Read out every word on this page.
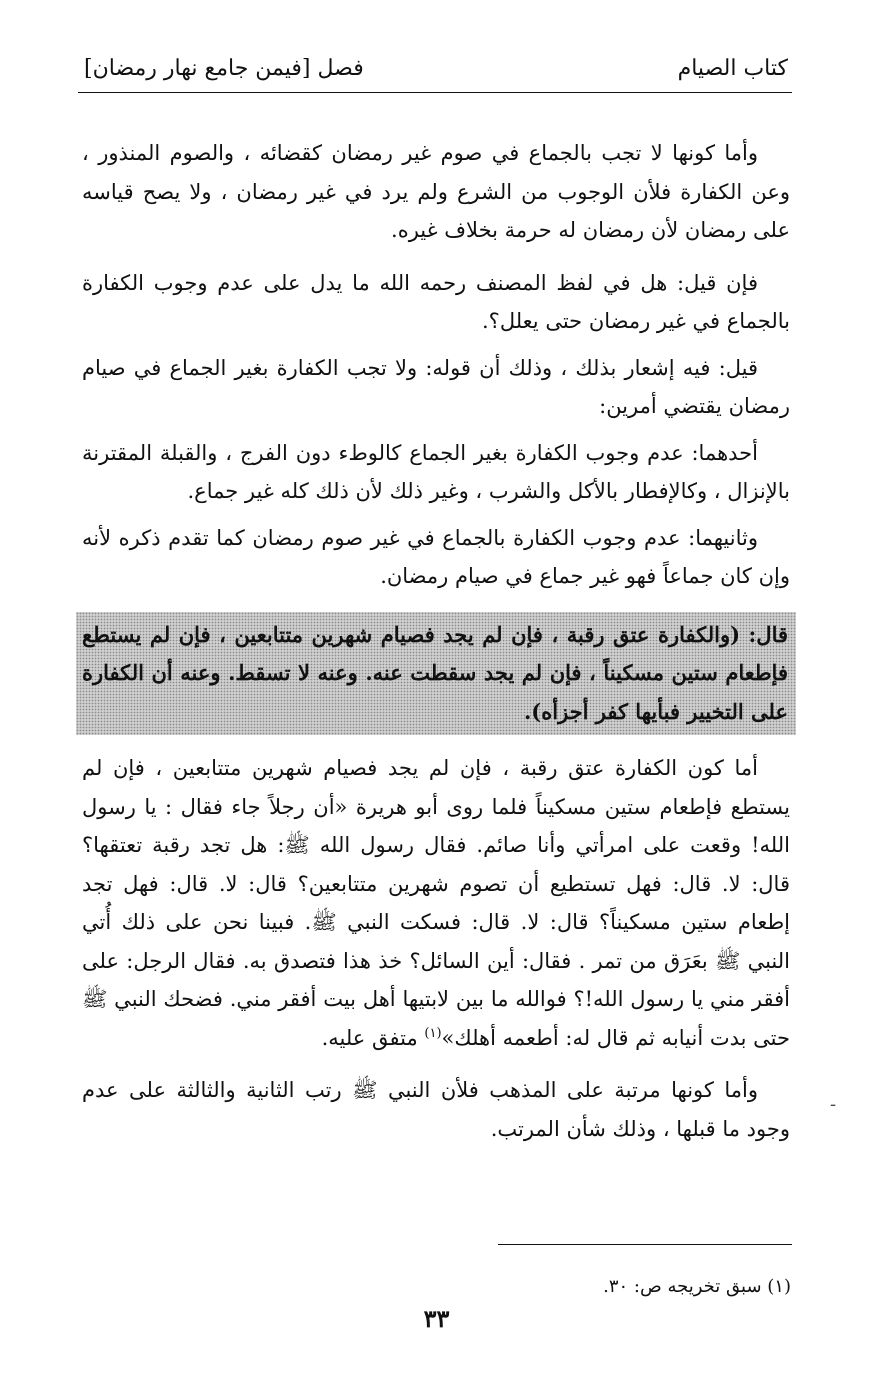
كتاب الصيام
فصل [فيمن جامع نهار رمضان]

وأما كونها لا تجب بالجماع في صوم غير رمضان كقضائه ، والصوم المنذور ، وعن الكفارة فلأن الوجوب من الشرع ولم يرد في غير رمضان ، ولا يصح قياسه على رمضان لأن رمضان له حرمة بخلاف غيره.

فإن قيل: هل في لفظ المصنف رحمه الله ما يدل على عدم وجوب الكفارة بالجماع في غير رمضان حتى يعلل؟.

قيل: فيه إشعار بذلك ، وذلك أن قوله: ولا تجب الكفارة بغير الجماع في صيام رمضان يقتضي أمرين:

أحدهما: عدم وجوب الكفارة بغير الجماع كالوطء دون الفرج ، والقبلة المقترنة بالإنزال ، وكالإفطار بالأكل والشرب ، وغير ذلك لأن ذلك كله غير جماع.

وثانيهما: عدم وجوب الكفارة بالجماع في غير صوم رمضان كما تقدم ذكره لأنه وإن كان جماعاً فهو غير جماع في صيام رمضان.

قال: (والكفارة عتق رقبة ، فإن لم يجد فصيام شهرين متتابعين ، فإن لم يستطع فإطعام ستين مسكيناً ، فإن لم يجد سقطت عنه. وعنه لا تسقط. وعنه أن الكفارة على التخيير فبأيها كفر أجزأه).

أما كون الكفارة عتق رقبة ، فإن لم يجد فصيام شهرين متتابعين ، فإن لم يستطع فإطعام ستين مسكيناً فلما روى أبو هريرة «أن رجلاً جاء فقال : يا رسول الله! وقعت على امرأتي وأنا صائم. فقال رسول الله ﷺ: هل تجد رقبة تعتقها؟ قال: لا. قال: فهل تستطيع أن تصوم شهرين متتابعين؟ قال: لا. قال: فهل تجد إطعام ستين مسكيناً؟ قال: لا. قال: فسكت النبي ﷺ. فبينا نحن على ذلك أُتي النبي ﷺ بعَرَق من تمر . فقال: أين السائل؟ خذ هذا فتصدق به. فقال الرجل: على أفقر مني يا رسول الله!؟ فوالله ما بين لابتيها أهل بيت أفقر مني. فضحك النبي ﷺ حتى بدت أنيابه ثم قال له: أطعمه أهلك»$^{(١)}$ متفق عليه.

وأما كونها مرتبة على المذهب فلأن النبي ﷺ رتب الثانية والثالثة على عدم وجود ما قبلها ، وذلك شأن المرتب.

-
(١) سبق تخريجه ص: ٣٠.
٣٣
